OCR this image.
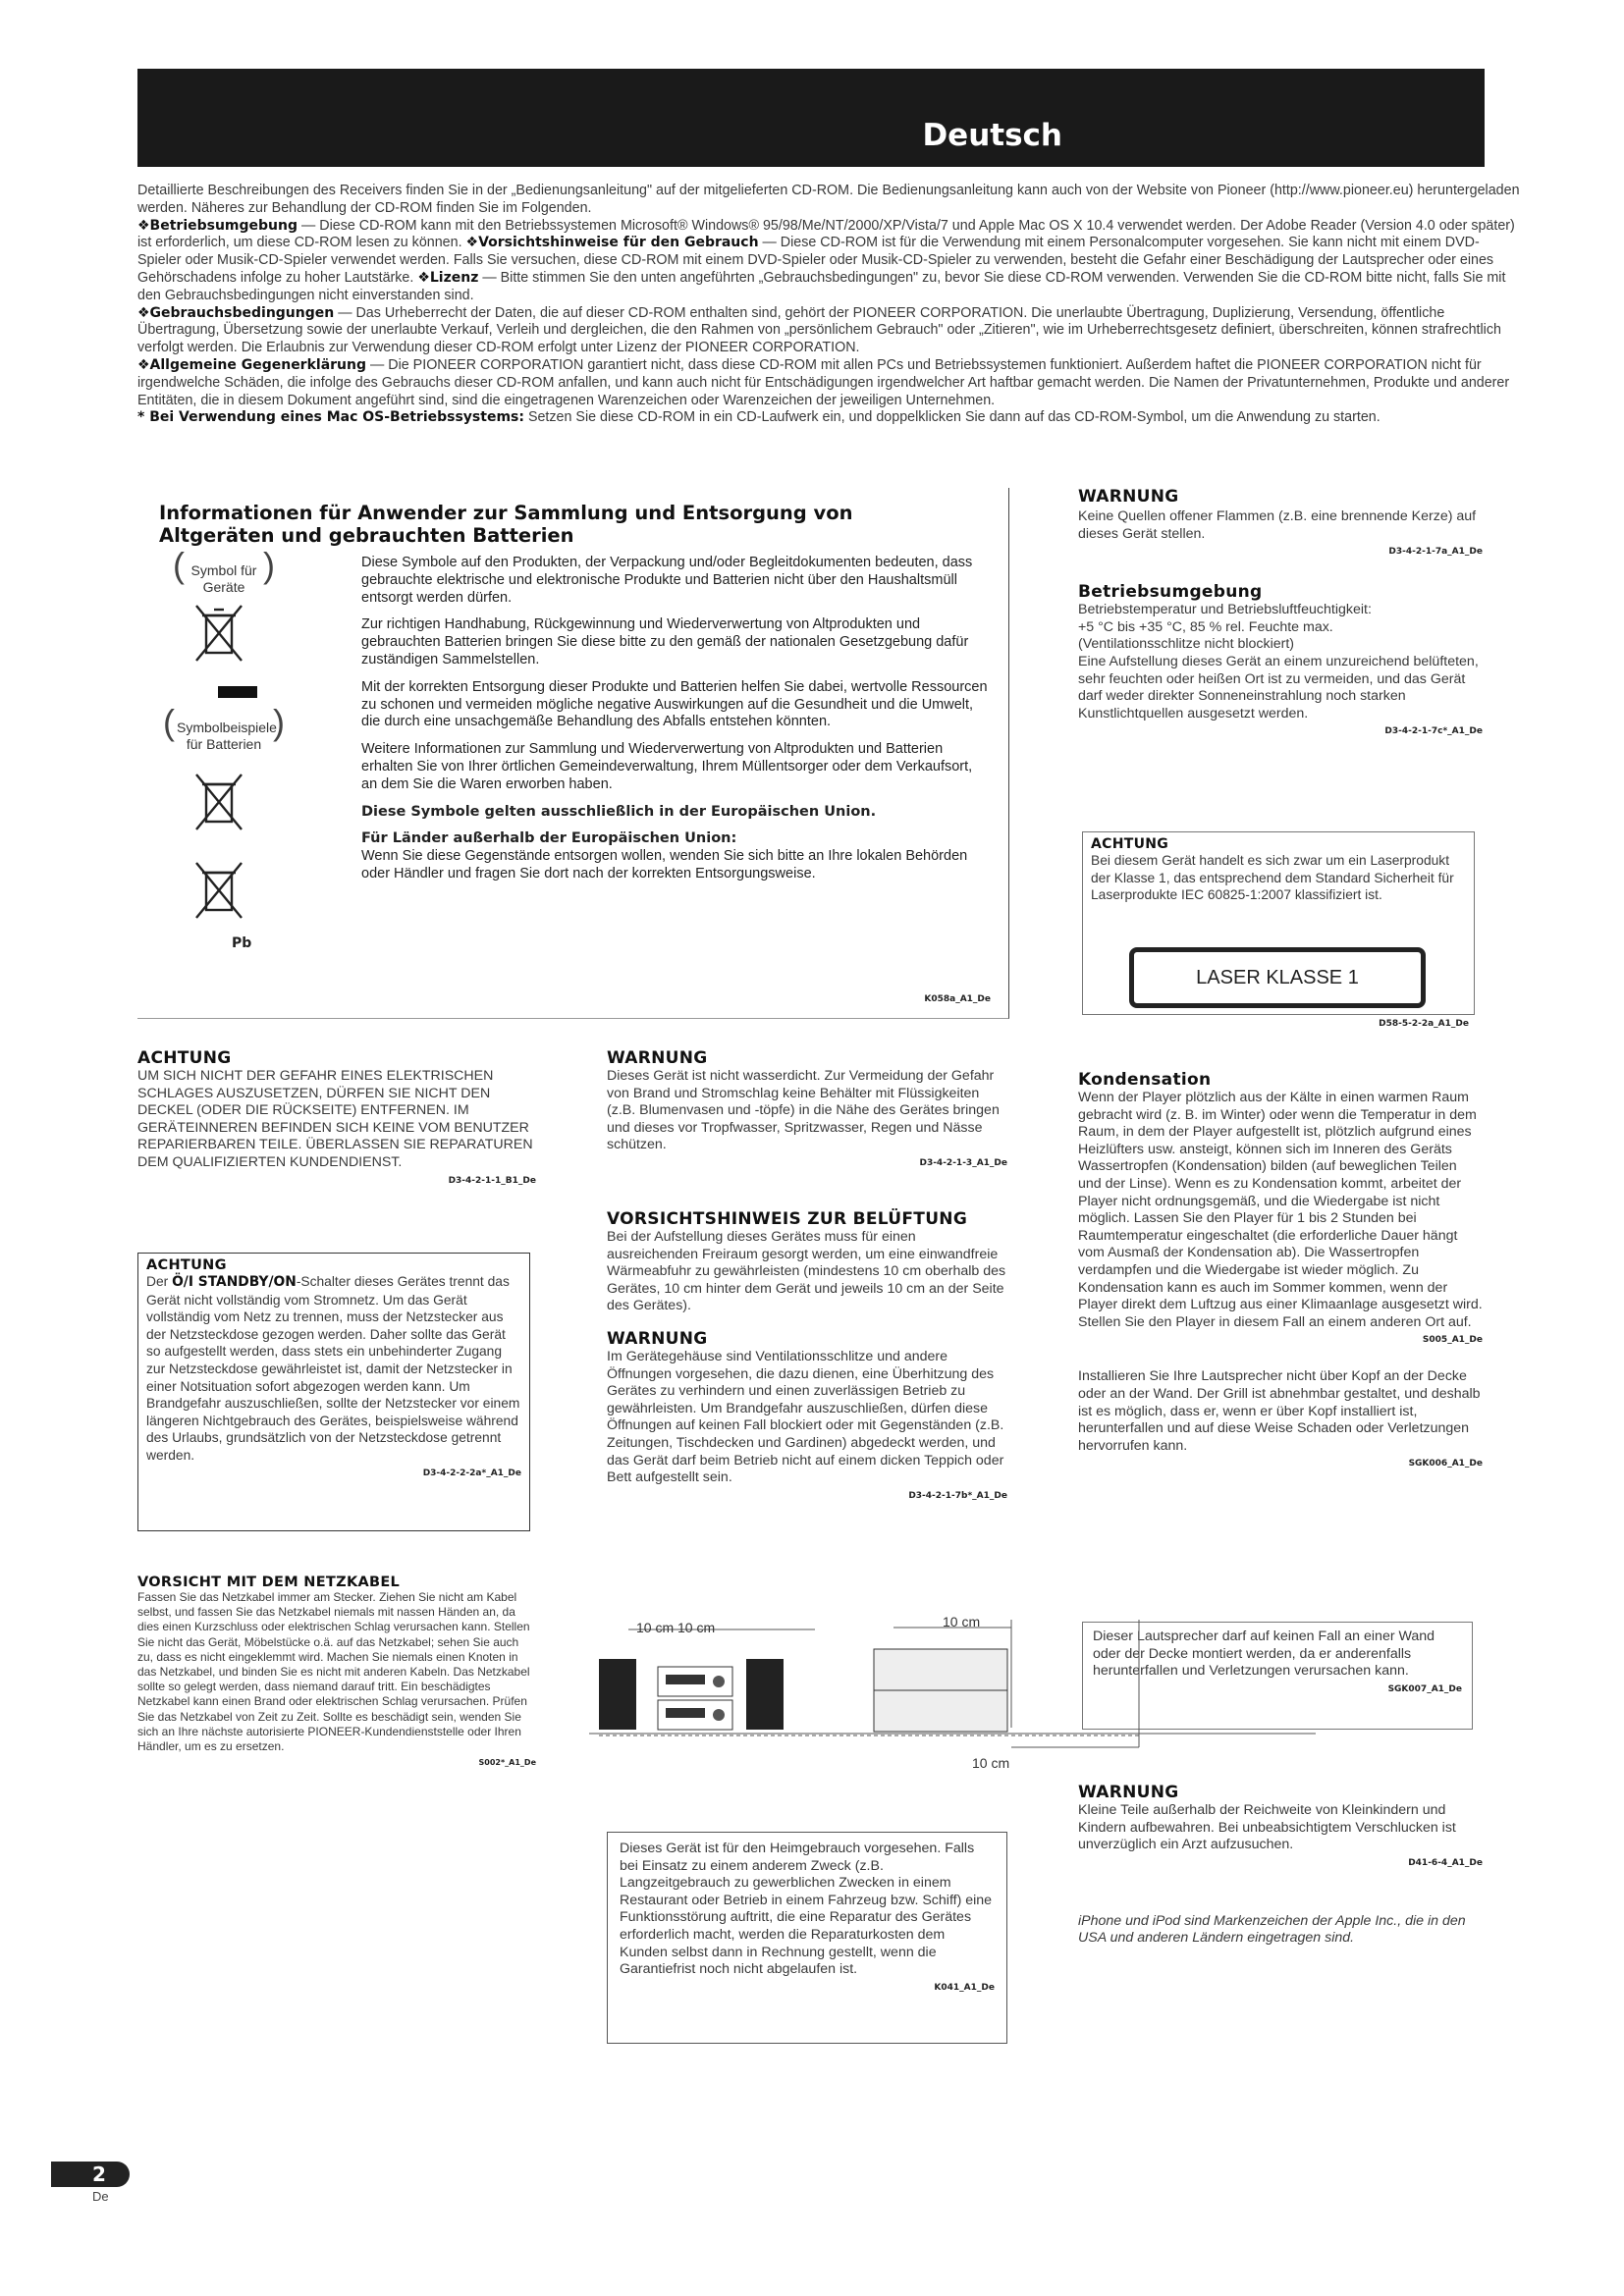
Deutsch

Detaillierte Beschreibungen des Receivers finden Sie in der „Bedienungsanleitung" auf der mitgelieferten CD-ROM. Die Bedienungsanleitung kann auch von der Website von Pioneer (http://www.pioneer.eu) heruntergeladen werden. Näheres zur Behandlung der CD-ROM finden Sie im Folgenden.

❖Betriebsumgebung — Diese CD-ROM kann mit den Betriebssystemen Microsoft® Windows® 95/98/Me/NT/2000/XP/Vista/7 und Apple Mac OS X 10.4 verwendet werden. Der Adobe Reader (Version 4.0 oder später) ist erforderlich, um diese CD-ROM lesen zu können. ❖Vorsichtshinweise für den Gebrauch — Diese CD-ROM ist für die Verwendung mit einem Personalcomputer vorgesehen. Sie kann nicht mit einem DVD-Spieler oder Musik-CD-Spieler verwendet werden. Falls Sie versuchen, diese CD-ROM mit einem DVD-Spieler oder Musik-CD-Spieler zu verwenden, besteht die Gefahr einer Beschädigung der Lautsprecher oder eines Gehörschadens infolge zu hoher Lautstärke. ❖Lizenz — Bitte stimmen Sie den unten angeführten „Gebrauchsbedingungen" zu, bevor Sie diese CD-ROM verwenden. Verwenden Sie die CD-ROM bitte nicht, falls Sie mit den Gebrauchsbedingungen nicht einverstanden sind.

❖Gebrauchsbedingungen — Das Urheberrecht der Daten, die auf dieser CD-ROM enthalten sind, gehört der PIONEER CORPORATION. Die unerlaubte Übertragung, Duplizierung, Versendung, öffentliche Übertragung, Übersetzung sowie der unerlaubte Verkauf, Verleih und dergleichen, die den Rahmen von „persönlichem Gebrauch" oder „Zitieren", wie im Urheberrechtsgesetz definiert, überschreiten, können strafrechtlich verfolgt werden. Die Erlaubnis zur Verwendung dieser CD-ROM erfolgt unter Lizenz der PIONEER CORPORATION.

❖Allgemeine Gegenerklärung — Die PIONEER CORPORATION garantiert nicht, dass diese CD-ROM mit allen PCs und Betriebssystemen funktioniert. Außerdem haftet die PIONEER CORPORATION nicht für irgendwelche Schäden, die infolge des Gebrauchs dieser CD-ROM anfallen, und kann auch nicht für Entschädigungen irgendwelcher Art haftbar gemacht werden. Die Namen der Privatunternehmen, Produkte und anderer Entitäten, die in diesem Dokument angeführt sind, sind die eingetragenen Warenzeichen oder Warenzeichen der jeweiligen Unternehmen.

* Bei Verwendung eines Mac OS-Betriebssystems: Setzen Sie diese CD-ROM in ein CD-Laufwerk ein, und doppelklicken Sie dann auf das CD-ROM-Symbol, um die Anwendung zu starten.

Informationen für Anwender zur Sammlung und Entsorgung von Altgeräten und gebrauchten Batterien
( Symbol für Geräte )
( Symbolbeispiele für Batterien )
Pb

Diese Symbole auf den Produkten, der Verpackung und/oder Begleitdokumenten bedeuten, dass gebrauchte elektrische und elektronische Produkte und Batterien nicht über den Haushaltsmüll entsorgt werden dürfen.

Zur richtigen Handhabung, Rückgewinnung und Wiederverwertung von Altprodukten und gebrauchten Batterien bringen Sie diese bitte zu den gemäß der nationalen Gesetzgebung dafür zuständigen Sammelstellen.

Mit der korrekten Entsorgung dieser Produkte und Batterien helfen Sie dabei, wertvolle Ressourcen zu schonen und vermeiden mögliche negative Auswirkungen auf die Gesundheit und die Umwelt, die durch eine unsachgemäße Behandlung des Abfalls entstehen könnten.

Weitere Informationen zur Sammlung und Wiederverwertung von Altprodukten und Batterien erhalten Sie von Ihrer örtlichen Gemeindeverwaltung, Ihrem Müllentsorger oder dem Verkaufsort, an dem Sie die Waren erworben haben.

Diese Symbole gelten ausschließlich in der Europäischen Union.

Für Länder außerhalb der Europäischen Union:

Wenn Sie diese Gegenstände entsorgen wollen, wenden Sie sich bitte an Ihre lokalen Behörden oder Händler und fragen Sie dort nach der korrekten Entsorgungsweise.

K058a_A1_De

WARNUNG

Keine Quellen offener Flammen (z.B. eine brennende Kerze) auf dieses Gerät stellen.

D3-4-2-1-7a_A1_De

Betriebsumgebung

Betriebstemperatur und Betriebsluftfeuchtigkeit:

+5 °C bis +35 °C, 85 % rel. Feuchte max.

(Ventilationsschlitze nicht blockiert)

Eine Aufstellung dieses Gerät an einem unzureichend belüfteten, sehr feuchten oder heißen Ort ist zu vermeiden, und das Gerät darf weder direkter Sonneneinstrahlung noch starken Kunstlichtquellen ausgesetzt werden.

D3-4-2-1-7c*_A1_De

ACHTUNG

Bei diesem Gerät handelt es sich zwar um ein Laserprodukt der Klasse 1, das entsprechend dem Standard Sicherheit für Laserprodukte IEC 60825-1:2007 klassifiziert ist.

LASER KLASSE 1
D58-5-2-2a_A1_De

Kondensation

Wenn der Player plötzlich aus der Kälte in einen warmen Raum gebracht wird (z. B. im Winter) oder wenn die Temperatur in dem Raum, in dem der Player aufgestellt ist, plötzlich aufgrund eines Heizlüfters usw. ansteigt, können sich im Inneren des Geräts Wassertropfen (Kondensation) bilden (auf beweglichen Teilen und der Linse). Wenn es zu Kondensation kommt, arbeitet der Player nicht ordnungsgemäß, und die Wiedergabe ist nicht möglich. Lassen Sie den Player für 1 bis 2 Stunden bei Raumtemperatur eingeschaltet (die erforderliche Dauer hängt vom Ausmaß der Kondensation ab). Die Wassertropfen verdampfen und die Wiedergabe ist wieder möglich. Zu Kondensation kann es auch im Sommer kommen, wenn der Player direkt dem Luftzug aus einer Klimaanlage ausgesetzt wird. Stellen Sie den Player in diesem Fall an einem anderen Ort auf.

S005_A1_De

Installieren Sie Ihre Lautsprecher nicht über Kopf an der Decke oder an der Wand. Der Grill ist abnehmbar gestaltet, und deshalb ist es möglich, dass er, wenn er über Kopf installiert ist, herunterfallen und auf diese Weise Schaden oder Verletzungen hervorrufen kann.

SGK006_A1_De

Dieser Lautsprecher darf auf keinen Fall an einer Wand oder der Decke montiert werden, da er anderenfalls herunterfallen und Verletzungen verursachen kann.

SGK007_A1_De

WARNUNG

Kleine Teile außerhalb der Reichweite von Kleinkindern und Kindern aufbewahren. Bei unbeabsichtigtem Verschlucken ist unverzüglich ein Arzt aufzusuchen.

D41-6-4_A1_De

iPhone und iPod sind Markenzeichen der Apple Inc., die in den USA und anderen Ländern eingetragen sind.

ACHTUNG

UM SICH NICHT DER GEFAHR EINES ELEKTRISCHEN SCHLAGES AUSZUSETZEN, DÜRFEN SIE NICHT DEN DECKEL (ODER DIE RÜCKSEITE) ENTFERNEN. IM GERÄTEINNEREN BEFINDEN SICH KEINE VOM BENUTZER REPARIERBAREN TEILE. ÜBERLASSEN SIE REPARATUREN DEM QUALIFIZIERTEN KUNDENDIENST.

D3-4-2-1-1_B1_De

ACHTUNG

Der Ö/I STANDBY/ON-Schalter dieses Gerätes trennt das Gerät nicht vollständig vom Stromnetz. Um das Gerät vollständig vom Netz zu trennen, muss der Netzstecker aus der Netzsteckdose gezogen werden. Daher sollte das Gerät so aufgestellt werden, dass stets ein unbehinderter Zugang zur Netzsteckdose gewährleistet ist, damit der Netzstecker in einer Notsituation sofort abgezogen werden kann. Um Brandgefahr auszuschließen, sollte der Netzstecker vor einem längeren Nichtgebrauch des Gerätes, beispielsweise während des Urlaubs, grundsätzlich von der Netzsteckdose getrennt werden.

D3-4-2-2-2a*_A1_De

VORSICHT MIT DEM NETZKABEL

Fassen Sie das Netzkabel immer am Stecker. Ziehen Sie nicht am Kabel selbst, und fassen Sie das Netzkabel niemals mit nassen Händen an, da dies einen Kurzschluss oder elektrischen Schlag verursachen kann. Stellen Sie nicht das Gerät, Möbelstücke o.ä. auf das Netzkabel; sehen Sie auch zu, dass es nicht eingeklemmt wird. Machen Sie niemals einen Knoten in das Netzkabel, und binden Sie es nicht mit anderen Kabeln. Das Netzkabel sollte so gelegt werden, dass niemand darauf tritt. Ein beschädigtes Netzkabel kann einen Brand oder elektrischen Schlag verursachen. Prüfen Sie das Netzkabel von Zeit zu Zeit. Sollte es beschädigt sein, wenden Sie sich an Ihre nächste autorisierte PIONEER-Kundendienststelle oder Ihren Händler, um es zu ersetzen.

S002*_A1_De

WARNUNG

Dieses Gerät ist nicht wasserdicht. Zur Vermeidung der Gefahr von Brand und Stromschlag keine Behälter mit Flüssigkeiten (z.B. Blumenvasen und -töpfe) in die Nähe des Gerätes bringen und dieses vor Tropfwasser, Spritzwasser, Regen und Nässe schützen.

D3-4-2-1-3_A1_De

VORSICHTSHINWEIS ZUR BELÜFTUNG

Bei der Aufstellung dieses Gerätes muss für einen ausreichenden Freiraum gesorgt werden, um eine einwandfreie Wärmeabfuhr zu gewährleisten (mindestens 10 cm oberhalb des Gerätes, 10 cm hinter dem Gerät und jeweils 10 cm an der Seite des Gerätes).

WARNUNG

Im Gerätegehäuse sind Ventilationsschlitze und andere Öffnungen vorgesehen, die dazu dienen, eine Überhitzung des Gerätes zu verhindern und einen zuverlässigen Betrieb zu gewährleisten. Um Brandgefahr auszuschließen, dürfen diese Öffnungen auf keinen Fall blockiert oder mit Gegenständen (z.B. Zeitungen, Tischdecken und Gardinen) abgedeckt werden, und das Gerät darf beim Betrieb nicht auf einem dicken Teppich oder Bett aufgestellt sein.

D3-4-2-1-7b*_A1_De
10 cm 10 cm	10 cm
10 cm

Dieses Gerät ist für den Heimgebrauch vorgesehen. Falls bei Einsatz zu einem anderem Zweck (z.B. Langzeitgebrauch zu gewerblichen Zwecken in einem Restaurant oder Betrieb in einem Fahrzeug bzw. Schiff) eine Funktionsstörung auftritt, die eine Reparatur des Gerätes erforderlich macht, werden die Reparaturkosten dem Kunden selbst dann in Rechnung gestellt, wenn die Garantiefrist noch nicht abgelaufen ist.

K041_A1_De
2
De
